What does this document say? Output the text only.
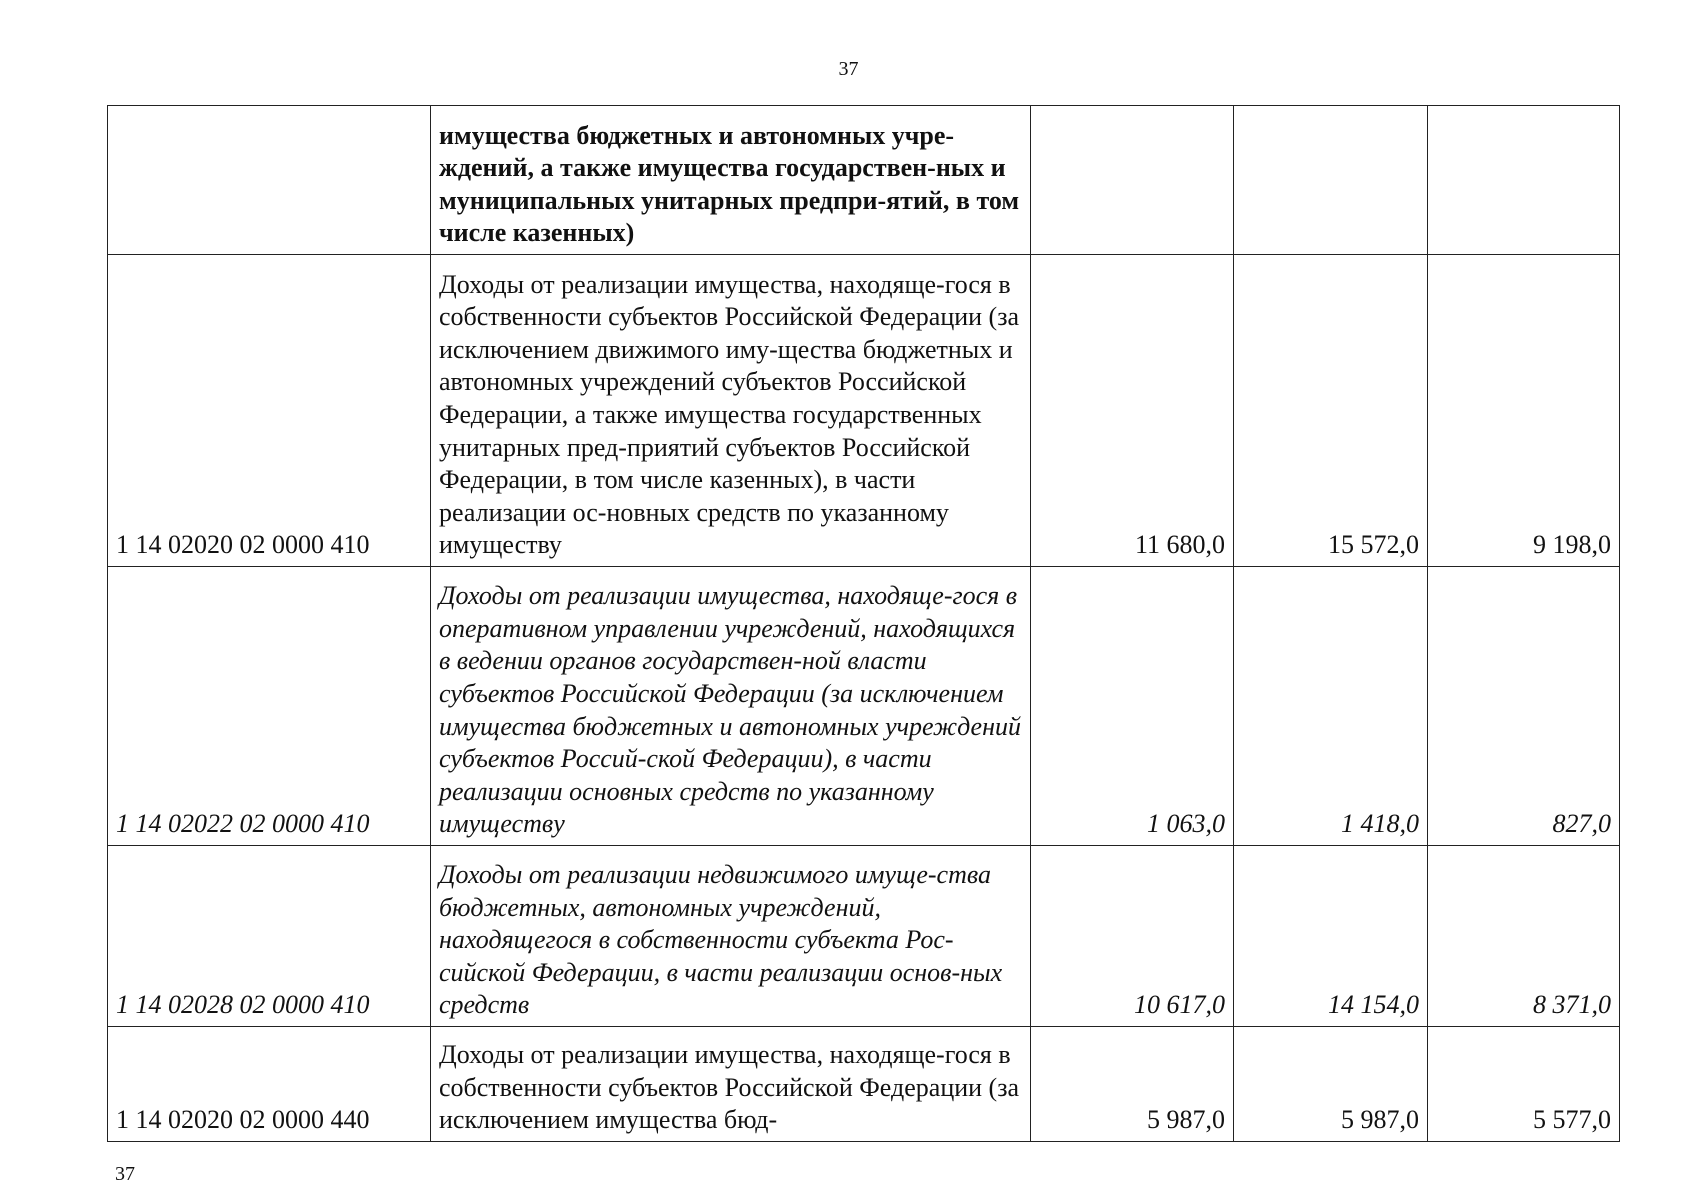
37
	имущества бюджетных и автономных учре-ждений, а также имущества государствен-ных и муниципальных унитарных предпри-ятий, в том числе казенных)			
1 14 02020 02 0000 410	Доходы от реализации имущества, находяще-гося в собственности субъектов Российской Федерации (за исключением движимого иму-щества бюджетных и автономных учреждений субъектов Российской Федерации, а также имущества государственных унитарных пред-приятий субъектов Российской Федерации, в том числе казенных), в части реализации ос-новных средств по указанному имуществу	11 680,0	15 572,0	9 198,0
1 14 02022 02 0000 410	Доходы от реализации имущества, находяще-гося в оперативном управлении учреждений, находящихся в ведении органов государствен-ной власти субъектов Российской Федерации (за исключением имущества бюджетных и автономных учреждений субъектов Россий-ской Федерации), в части реализации основных средств по указанному имуществу	1 063,0	1 418,0	827,0
1 14 02028 02 0000 410	Доходы от реализации недвижимого имуще-ства бюджетных, автономных учреждений, находящегося в собственности субъекта Рос-сийской Федерации, в части реализации основ-ных средств	10 617,0	14 154,0	8 371,0
1 14 02020 02 0000 440	Доходы от реализации имущества, находяще-гося в собственности субъектов Российской Федерации (за исключением имущества бюд-	5 987,0	5 987,0	5 577,0
37
